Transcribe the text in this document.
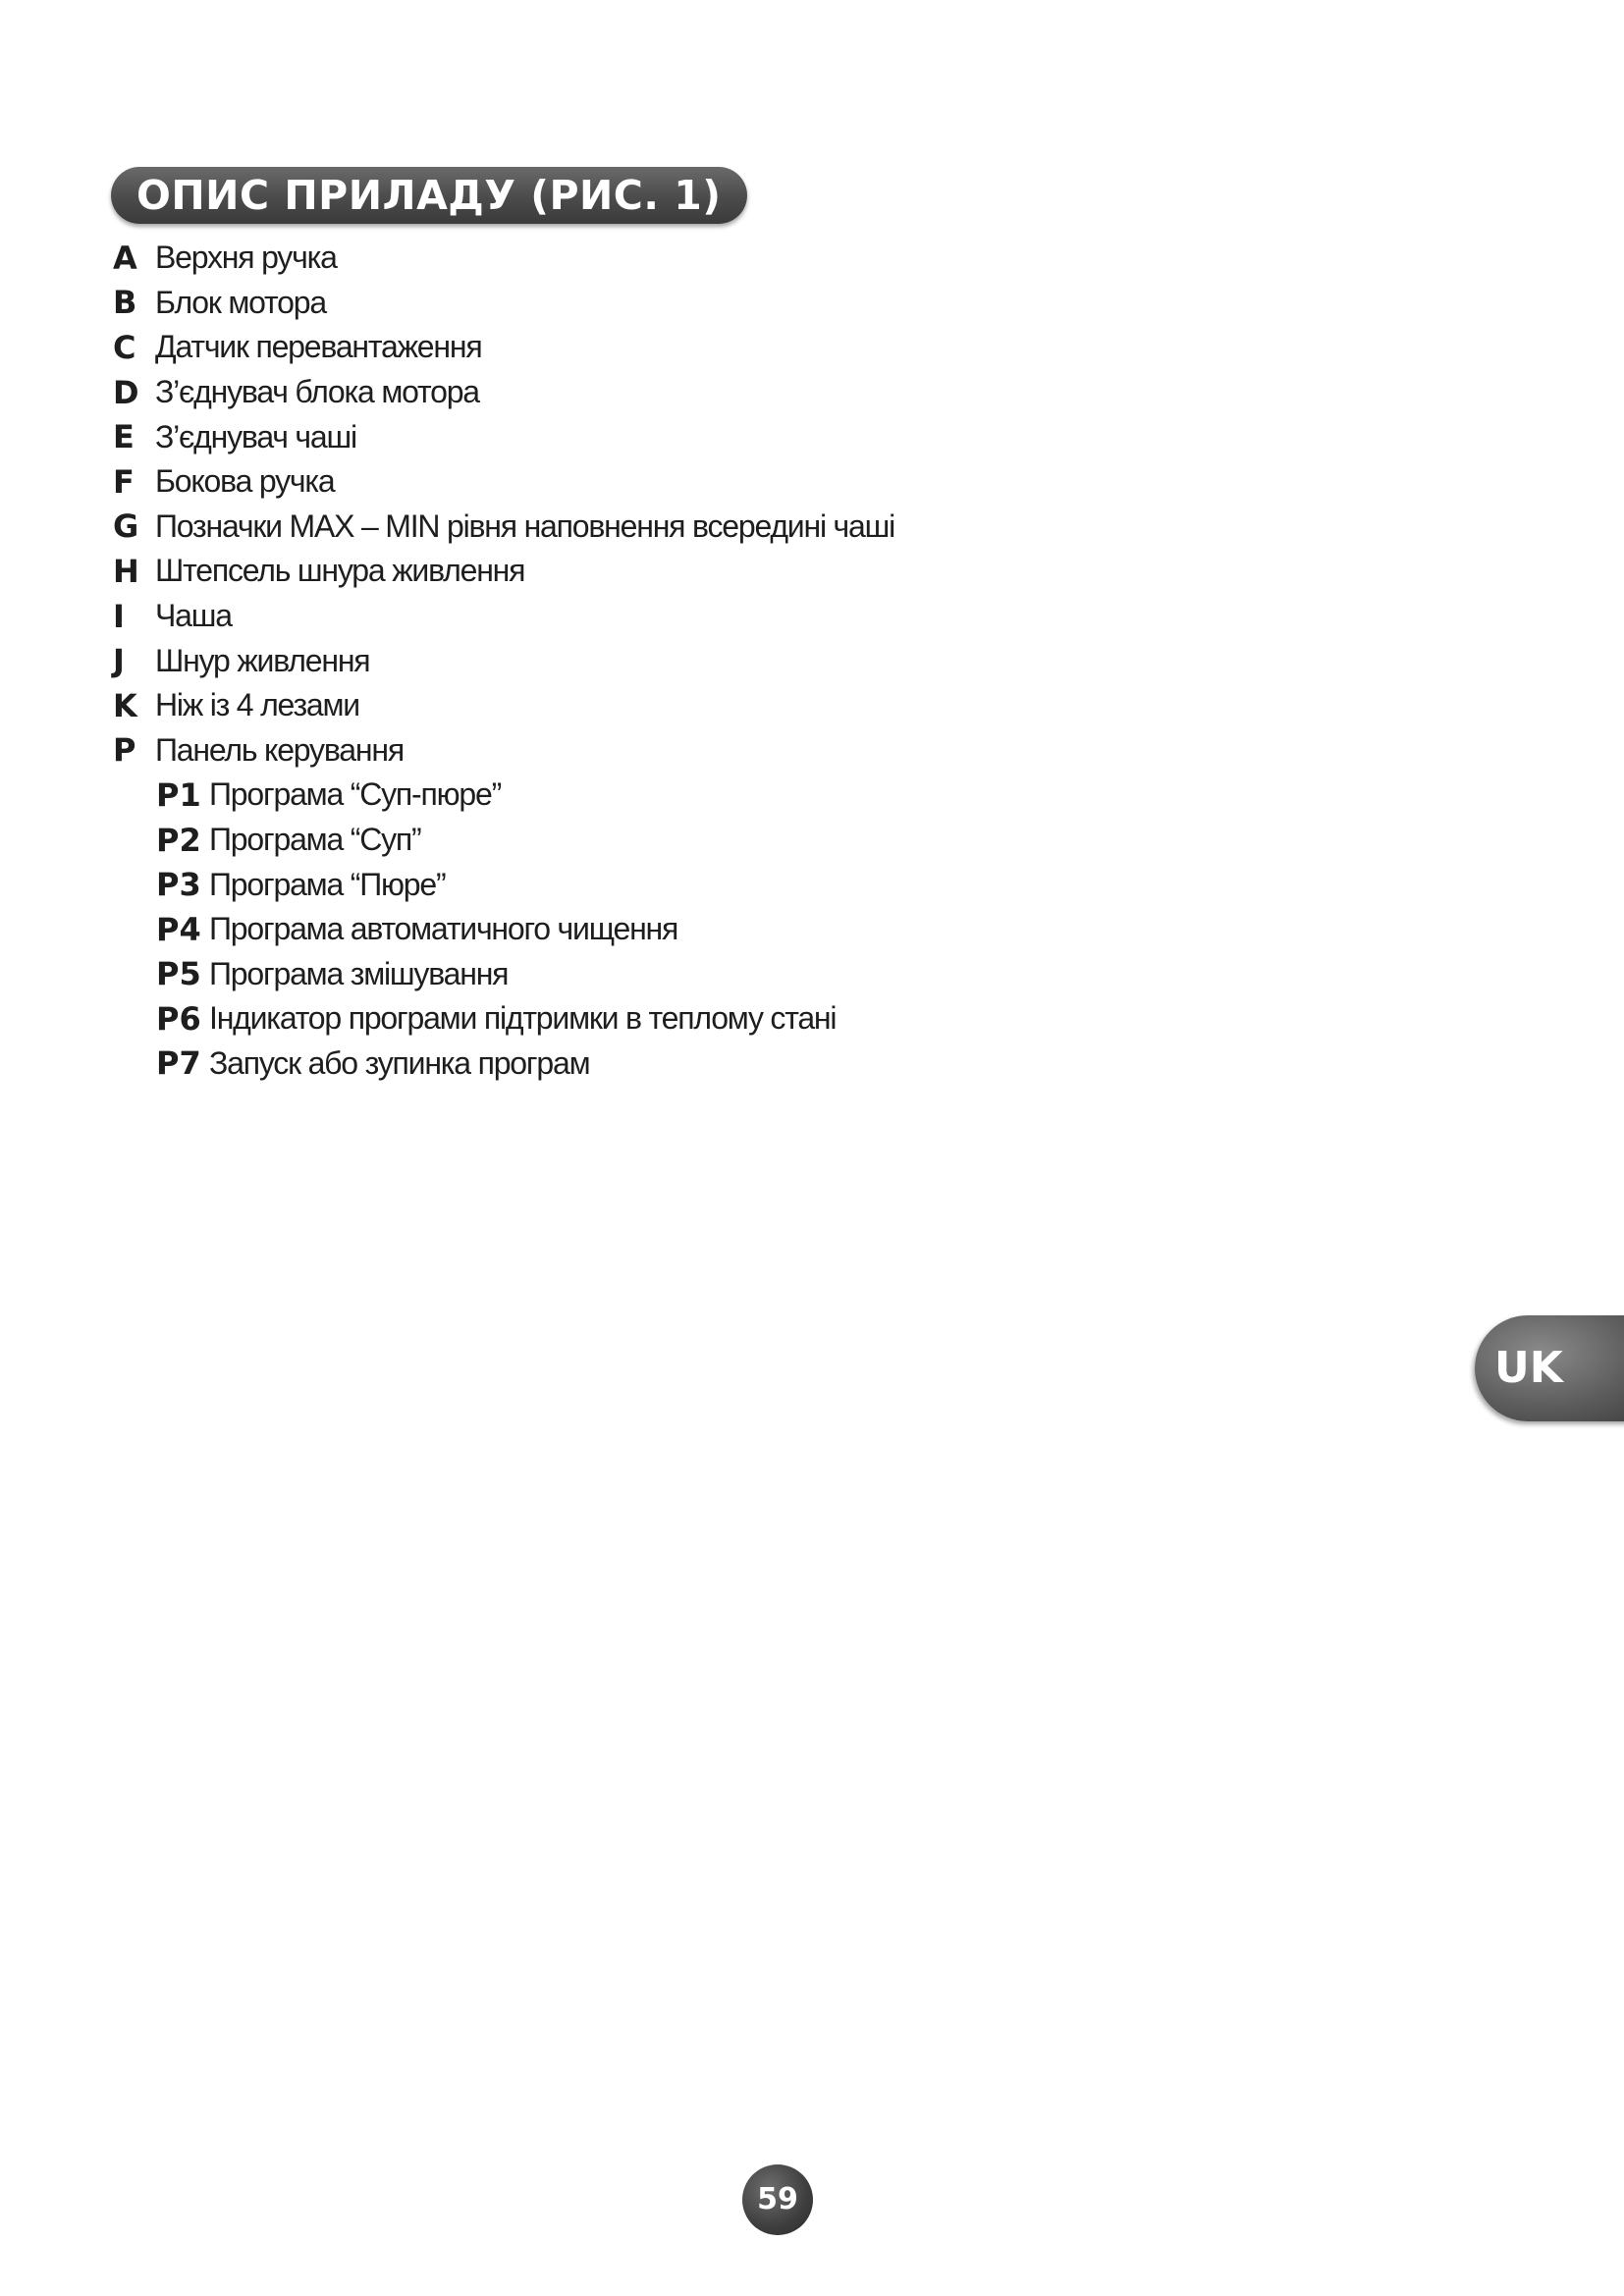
ОПИС ПРИЛАДУ (РИС. 1)
A Верхня ручка
B Блок мотора
C Датчик перевантаження
D З’єднувач блока мотора
E З’єднувач чаші
F Бокова ручка
G Позначки MAX – MIN рівня наповнення всередині чаші
H Штепсель шнура живлення
I Чаша
J Шнур живлення
K Ніж із 4 лезами
P Панель керування
P1 Програма “Суп-пюре”
P2 Програма “Суп”
P3 Програма “Пюре”
P4 Програма автоматичного чищення
P5 Програма змішування
P6 Індикатор програми підтримки в теплому стані
P7 Запуск або зупинка програм
UK
59
